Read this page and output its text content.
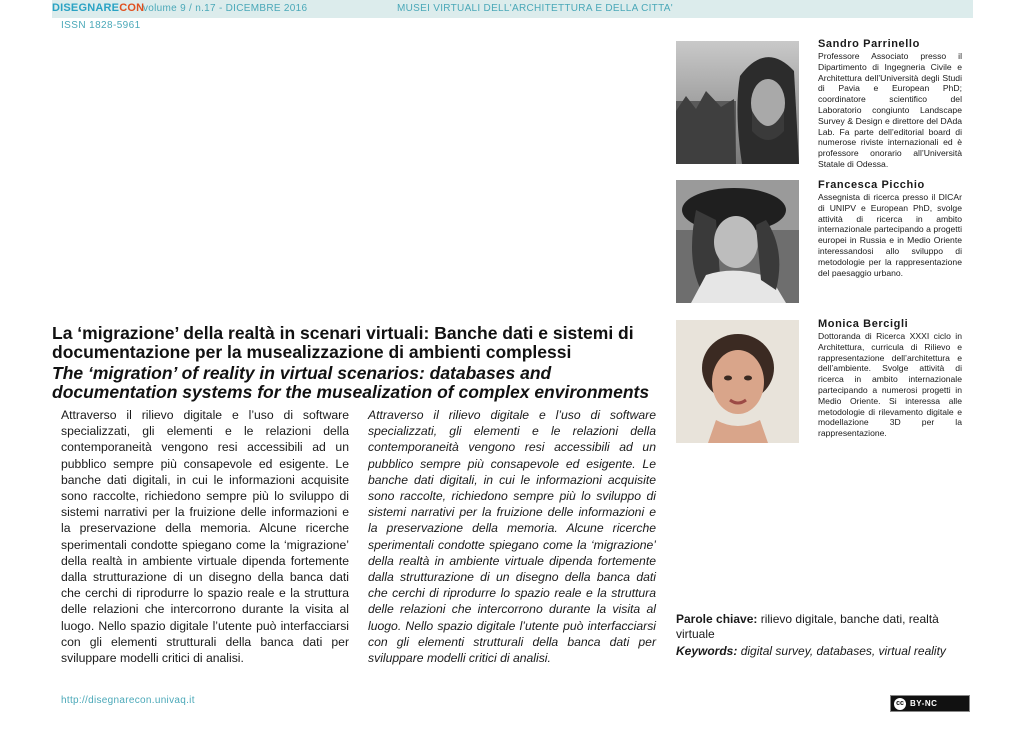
DISEGNARECON
volume 9 / n.17 - DICEMBRE 2016	MUSEI VIRTUALI DELL'ARCHITETTURA E DELLA CITTA'
ISSN 1828-5961
Sandro Parrinello
Professore Associato presso il Dipartimento di Ingegneria Civile e Architettura dell’Università degli Studi di Pavia e European PhD; coordinatore scientifico del Laboratorio congiunto Landscape Survey & Design e direttore del DAda Lab. Fa parte dell’editorial board di numerose riviste internazionali ed è professore onorario all’Università Statale di Odessa.
Francesca Picchio
Assegnista di ricerca presso il DICAr di UNIPV e European PhD, svolge attività di ricerca in ambito internazionale partecipando a progetti europei in Russia e in Medio Oriente interessandosi allo sviluppo di metodologie per la rappresentazione del paesaggio urbano.
Monica Bercigli
Dottoranda di Ricerca XXXI ciclo in Architettura, curricula di Rilievo e rappresentazione dell’architettura e dell’ambiente. Svolge attività di ricerca in ambito internazionale partecipando a numerosi progetti in Medio Oriente. Si interessa alle metodologie di rilevamento digitale e modellazione 3D per la rappresentazione.
La ‘migrazione’ della realtà in scenari virtuali: Banche dati e sistemi di documentazione per la musealizzazione di ambienti complessi
The ‘migration’ of reality in virtual scenarios: databases and documentation systems for the musealization of complex environments
Attraverso il rilievo digitale e l’uso di software specializzati, gli elementi e le relazioni della contemporaneità vengono resi accessibili ad un pubblico sempre più consapevole ed esigente. Le banche dati digitali, in cui le informazioni acquisite sono raccolte, richiedono sempre più lo sviluppo di sistemi narrativi per la fruizione delle informazioni e la preservazione della memoria. Alcune ricerche sperimentali condotte spiegano come la ‘migrazione’ della realtà in ambiente virtuale dipenda fortemente dalla strutturazione di un disegno della banca dati che cerchi di riprodurre lo spazio reale e la struttura delle relazioni che intercorrono durante la visita al luogo. Nello spazio digitale l’utente può interfacciarsi con gli elementi strutturali della banca dati per sviluppare modelli critici di analisi.
Attraverso il rilievo digitale e l’uso di software specializzati, gli elementi e le relazioni della contemporaneità vengono resi accessibili ad un pubblico sempre più consapevole ed esigente. Le banche dati digitali, in cui le informazioni acquisite sono raccolte, richiedono sempre più lo sviluppo di sistemi narrativi per la fruizione delle informazioni e la preservazione della memoria. Alcune ricerche sperimentali condotte spiegano come la ‘migrazione’ della realtà in ambiente virtuale dipenda fortemente dalla strutturazione di un disegno della banca dati che cerchi di riprodurre lo spazio reale e la struttura delle relazioni che intercorrono durante la visita al luogo. Nello spazio digitale l’utente può interfacciarsi con gli elementi strutturali della banca dati per sviluppare modelli critici di analisi.
Parole chiave: rilievo digitale, banche dati, realtà virtuale
Keywords: digital survey, databases, virtual reality
http://disegnarecon.univaq.it	cc BY-NC
